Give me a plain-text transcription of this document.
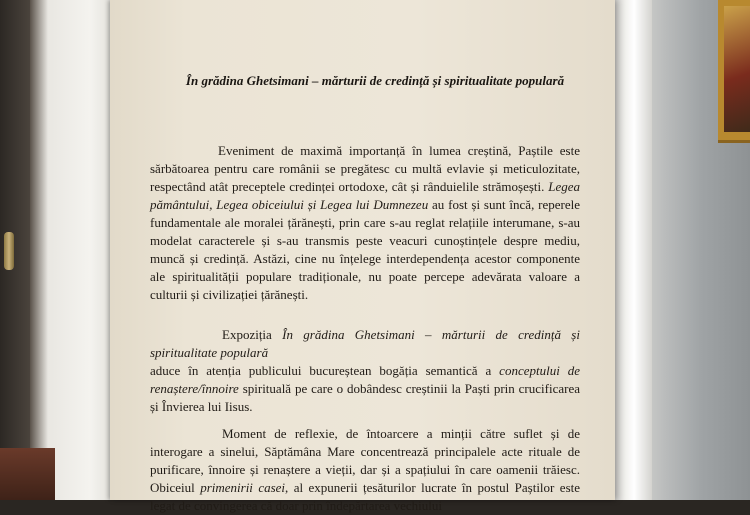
În grădina Ghetsimani – mărturii de credință și spiritualitate populară

Eveniment de maximă importanță în lumea creștină, Paștile este sărbătoarea pentru care românii se pregătesc cu multă evlavie și meticulozitate, respectând atât preceptele credinței ortodoxe, cât și rânduielile strămoșești. Legea pământului, Legea obiceiului și Legea lui Dumnezeu au fost și sunt încă, reperele fundamentale ale moralei țărănești, prin care s-au reglat relațiile interumane, s-au modelat caracterele și s-au transmis peste veacuri cunoștințele despre mediu, muncă și credință. Astăzi, cine nu înțelege interdependența acestor componente ale spiritualității populare tradiționale, nu poate percepe adevărata valoare a culturii și civilizației țărănești.

Expoziția În grădina Ghetsimani – mărturii de credință și spiritualitate populară
aduce în atenția publicului bucureștean bogăția semantică a conceptului de renaștere/înnoire spirituală pe care o dobândesc creștinii la Paști prin crucificarea și Învierea lui Iisus.

Moment de reflexie, de întoarcere a minții către suflet și de interogare a sinelui, Săptămâna Mare concentrează principalele acte rituale de purificare, înnoire și renaștere a vieții, dar și a spațiului în care oamenii trăiesc. Obiceiul primenirii casei, al expunerii țesăturilor lucrate în postul Paștilor este legat de convingerea că doar prin îndepărtarea vechiului
